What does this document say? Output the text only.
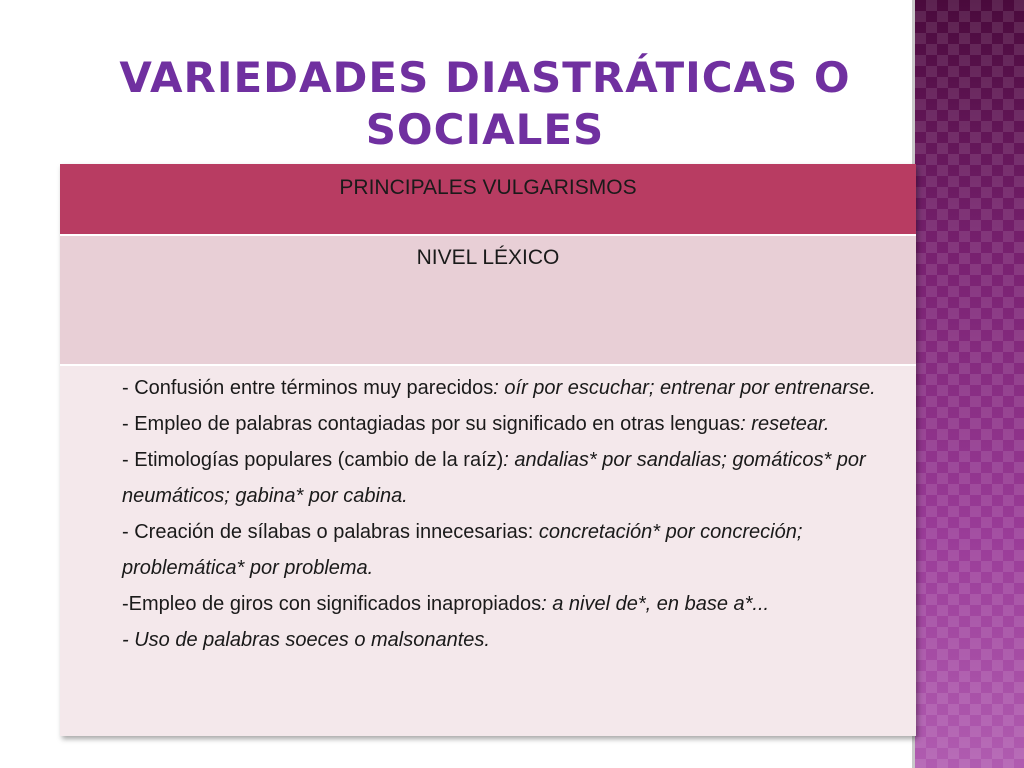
VARIEDADES DIASTRÁTICAS O SOCIALES
PRINCIPALES VULGARISMOS
NIVEL LÉXICO

- Confusión entre términos muy parecidos: oír por escuchar; entrenar por entrenarse.

- Empleo de palabras contagiadas por su significado en otras lenguas: resetear.

- Etimologías populares (cambio de la raíz): andalias* por sandalias; gomáticos* por neumáticos; gabina* por cabina.

- Creación de sílabas o palabras innecesarias: concretación* por concreción; problemática* por problema.

-Empleo de giros con significados inapropiados: a nivel de*, en base a*...

- Uso de palabras soeces o malsonantes.
